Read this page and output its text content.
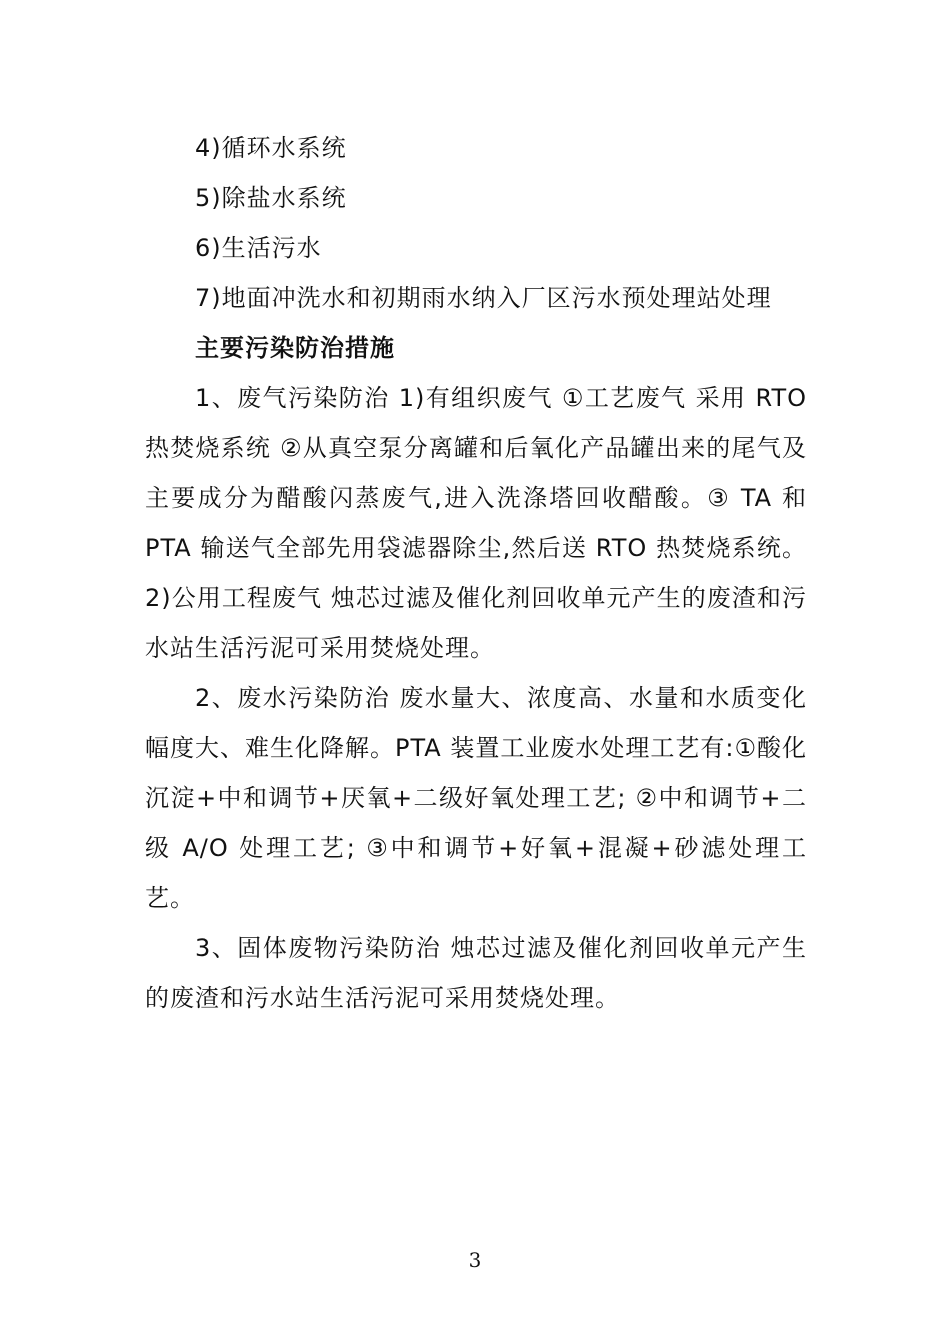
4)循环水系统
5)除盐水系统
6)生活污水
7)地面冲洗水和初期雨水纳入厂区污水预处理站处理
主要污染防治措施

1、废气污染防治 1)有组织废气 ①工艺废气 采用 RTO 热焚烧系统 ②从真空泵分离罐和后氧化产品罐出来的尾气及主要成分为醋酸闪蒸废气,进入洗涤塔回收醋酸。③ TA 和 PTA 输送气全部先用袋滤器除尘,然后送 RTO 热焚烧系统。2)公用工程废气 烛芯过滤及催化剂回收单元产生的废渣和污水站生活污泥可采用焚烧处理。

2、废水污染防治 废水量大、浓度高、水量和水质变化幅度大、难生化降解。PTA 装置工业废水处理工艺有:①酸化沉淀+中和调节+厌氧+二级好氧处理工艺; ②中和调节+二级 A/O 处理工艺; ③中和调节+好氧+混凝+砂滤处理工艺。

3、固体废物污染防治 烛芯过滤及催化剂回收单元产生的废渣和污水站生活污泥可采用焚烧处理。

3
